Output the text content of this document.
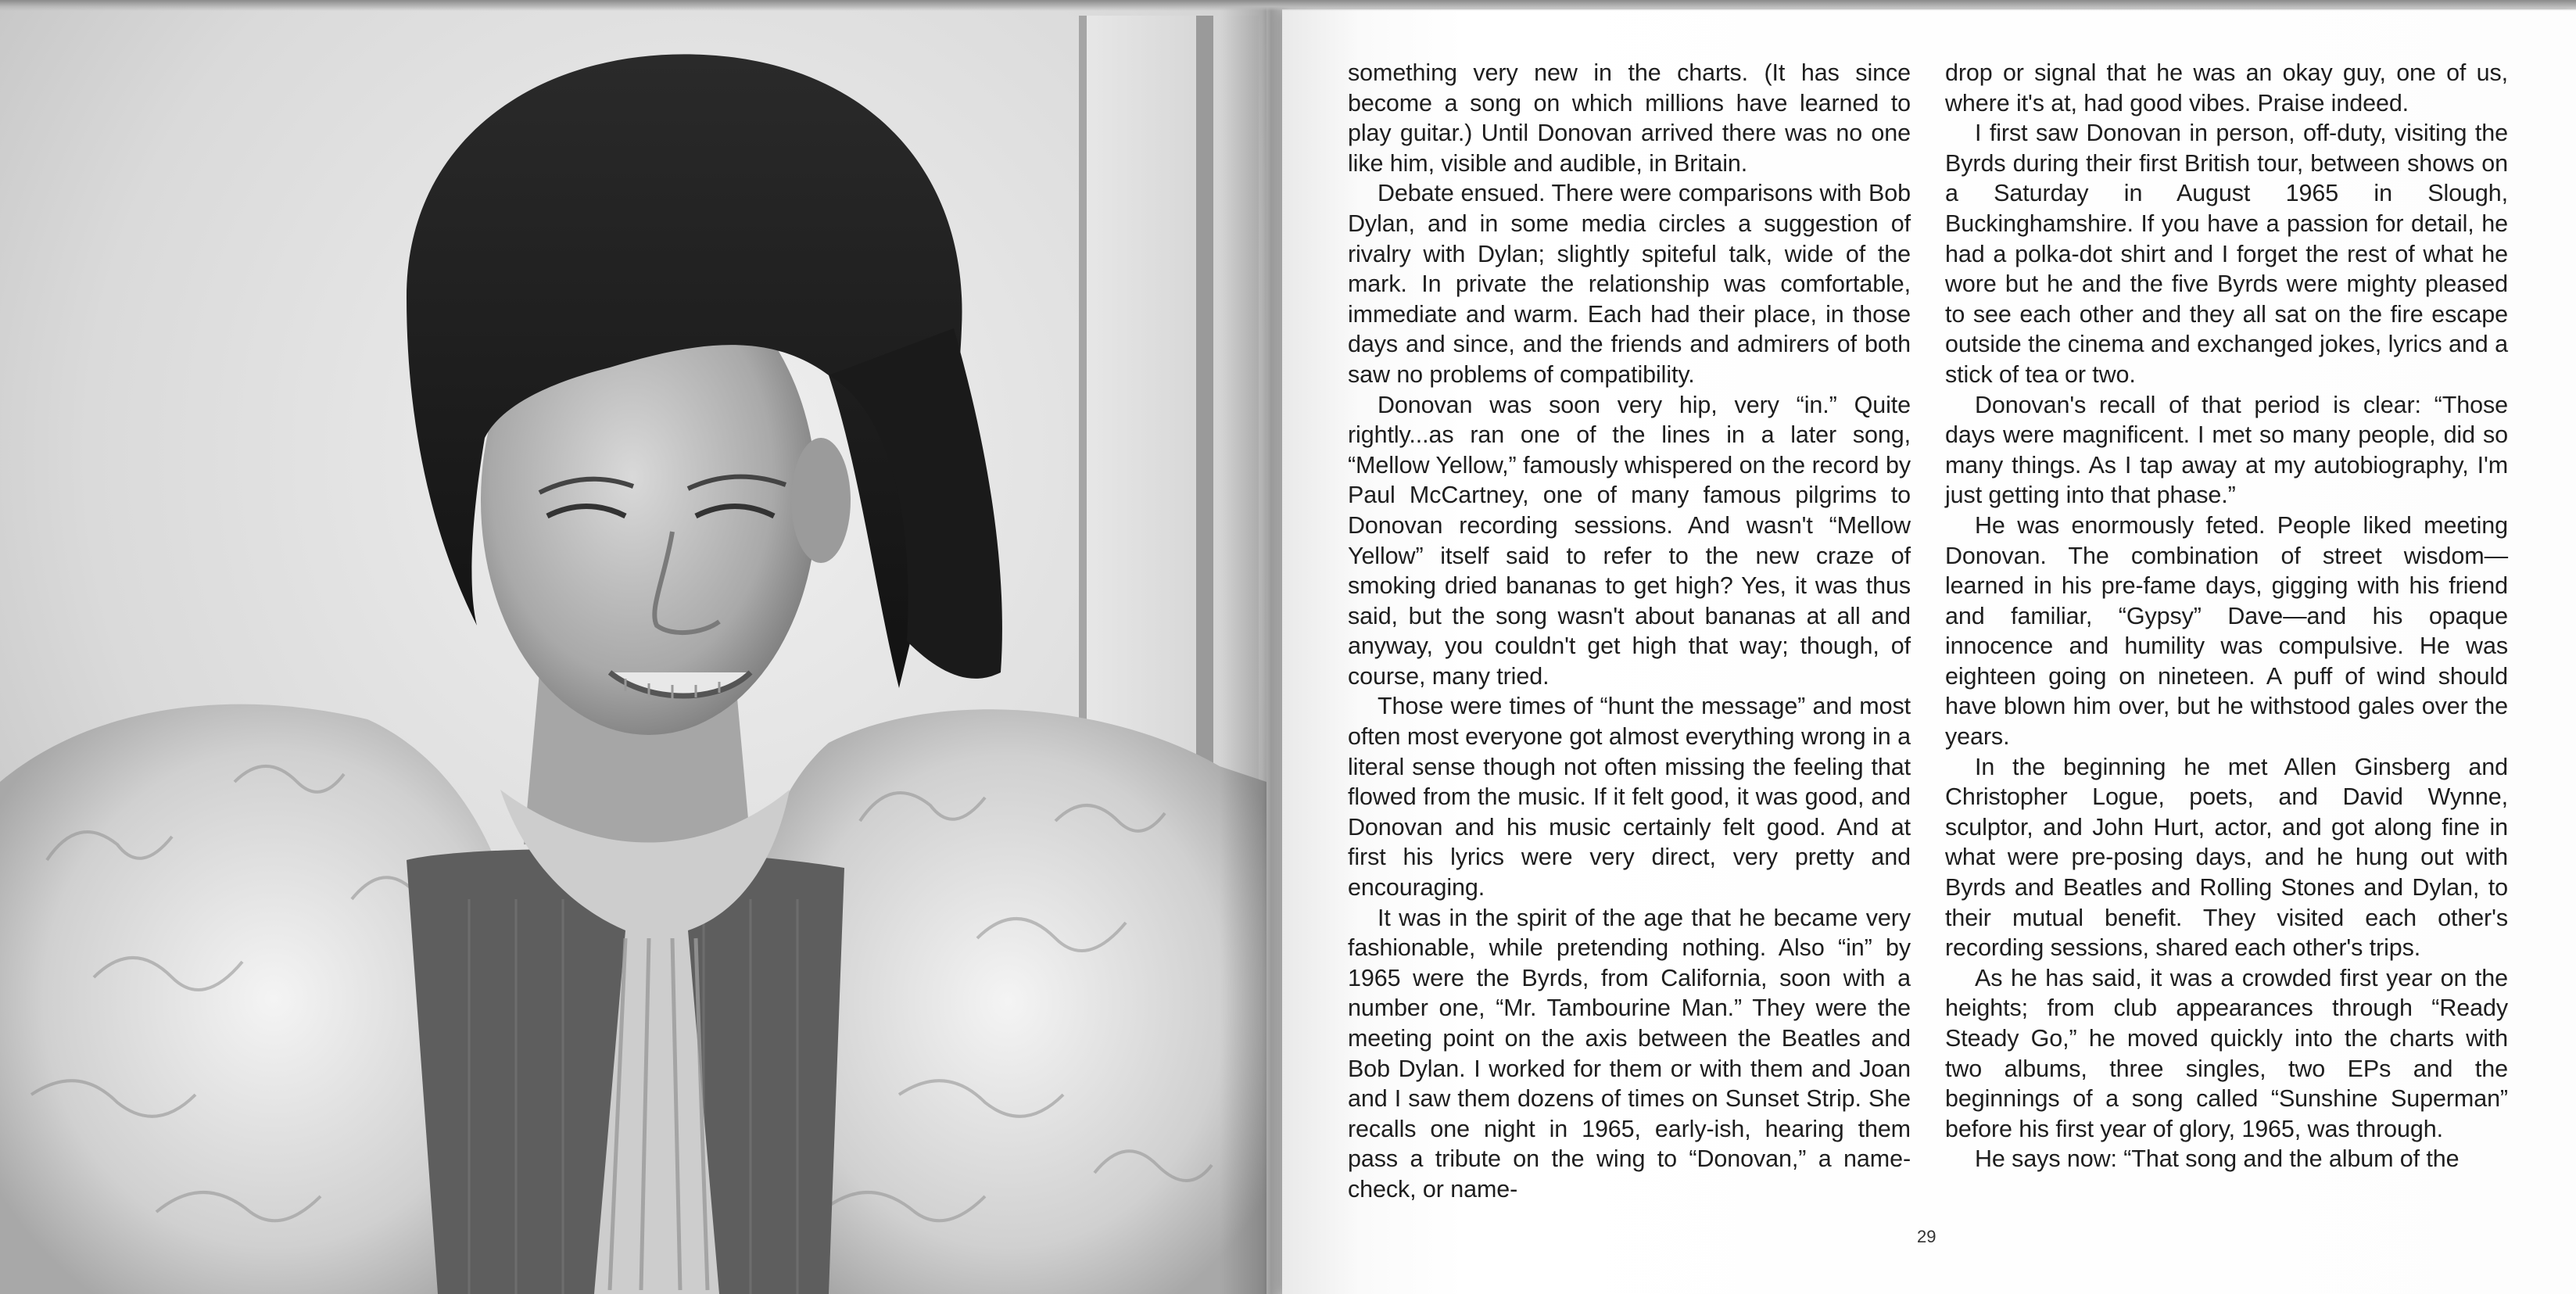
something very new in the charts. (It has since become a song on which millions have learned to play guitar.) Until Donovan arrived there was no one like him, visible and audible, in Britain.

Debate ensued. There were comparisons with Bob Dylan, and in some media circles a suggestion of rivalry with Dylan; slightly spiteful talk, wide of the mark. In private the relationship was comfortable, immediate and warm. Each had their place, in those days and since, and the friends and admirers of both saw no problems of compatibility.

Donovan was soon very hip, very “in.” Quite rightly...as ran one of the lines in a later song, “Mellow Yellow,” famously whispered on the record by Paul McCartney, one of many famous pilgrims to Donovan recording sessions. And wasn't “Mellow Yellow” itself said to refer to the new craze of smoking dried bananas to get high? Yes, it was thus said, but the song wasn't about bananas at all and anyway, you couldn't get high that way; though, of course, many tried.

Those were times of “hunt the message” and most often most everyone got almost everything wrong in a literal sense though not often missing the feeling that flowed from the music. If it felt good, it was good, and Donovan and his music certainly felt good. And at first his lyrics were very direct, very pretty and encouraging.

It was in the spirit of the age that he became very fashionable, while pretending nothing. Also “in” by 1965 were the Byrds, from California, soon with a number one, “Mr. Tambourine Man.” They were the meeting point on the axis between the Beatles and Bob Dylan. I worked for them or with them and Joan and I saw them dozens of times on Sunset Strip. She recalls one night in 1965, early-ish, hearing them pass a tribute on the wing to “Donovan,” a name-check, or name-

29

drop or signal that he was an okay guy, one of us, where it's at, had good vibes. Praise indeed.

I first saw Donovan in person, off-duty, visiting the Byrds during their first British tour, between shows on a Saturday in August 1965 in Slough, Buckinghamshire. If you have a passion for detail, he had a polka-dot shirt and I forget the rest of what he wore but he and the five Byrds were mighty pleased to see each other and they all sat on the fire escape outside the cinema and exchanged jokes, lyrics and a stick of tea or two.

Donovan's recall of that period is clear: “Those days were magnificent. I met so many people, did so many things. As I tap away at my autobiography, I'm just getting into that phase.”

He was enormously feted. People liked meeting Donovan. The combination of street wisdom—learned in his pre-fame days, gigging with his friend and familiar, “Gypsy” Dave—and his opaque innocence and humility was compulsive. He was eighteen going on nineteen. A puff of wind should have blown him over, but he withstood gales over the years.

In the beginning he met Allen Ginsberg and Christopher Logue, poets, and David Wynne, sculptor, and John Hurt, actor, and got along fine in what were pre-posing days, and he hung out with Byrds and Beatles and Rolling Stones and Dylan, to their mutual benefit. They visited each other's recording sessions, shared each other's trips.

As he has said, it was a crowded first year on the heights; from club appearances through “Ready Steady Go,” he moved quickly into the charts with two albums, three singles, two EPs and the beginnings of a song called “Sunshine Superman” before his first year of glory, 1965, was through.

He says now: “That song and the album of the
